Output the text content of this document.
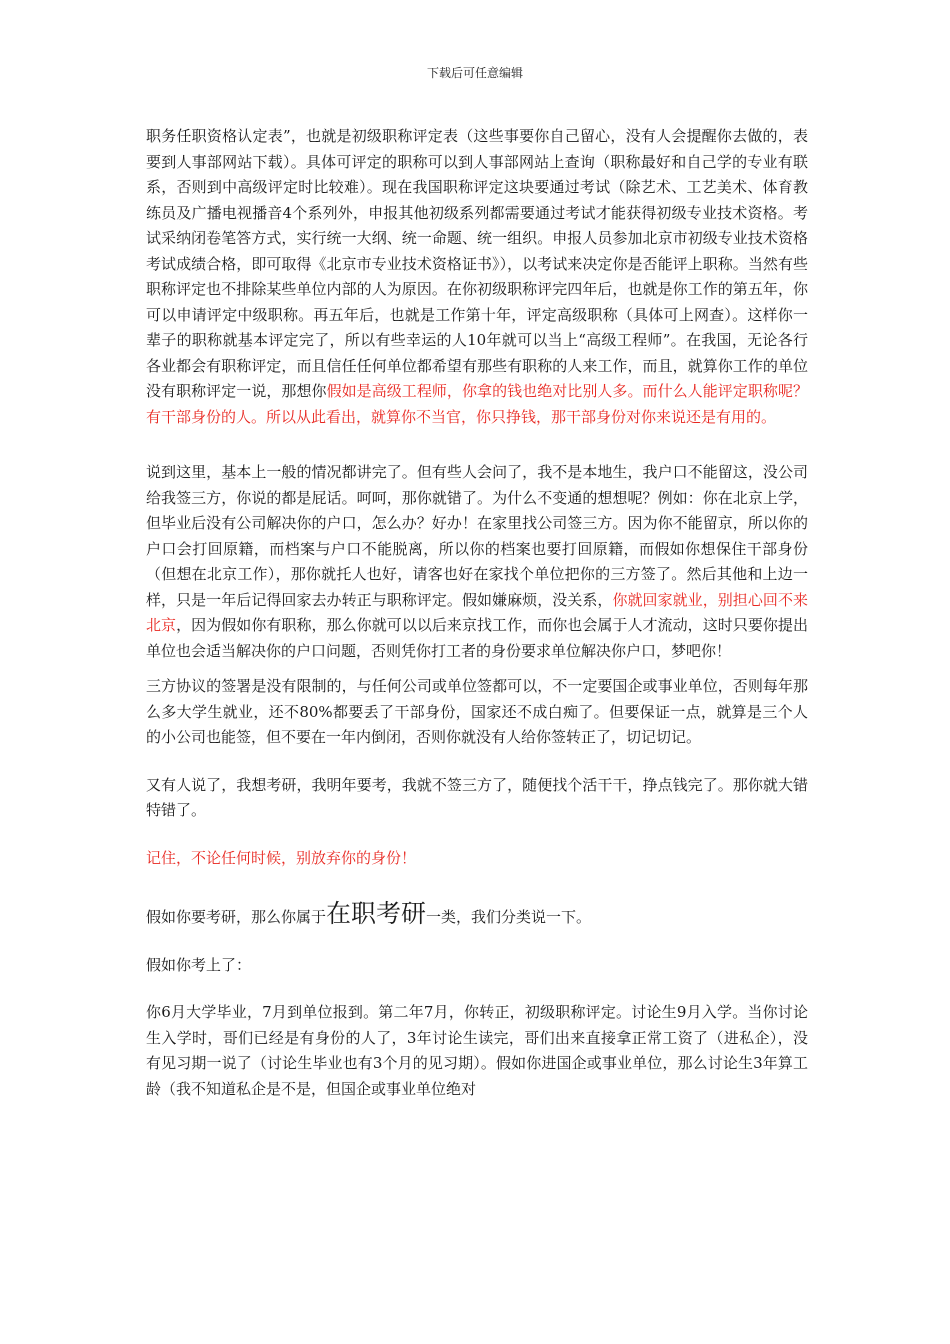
下载后可任意编辑

职务任职资格认定表”，也就是初级职称评定表（这些事要你自己留心，没有人会提醒你去做的，表要到人事部网站下载）。具体可评定的职称可以到人事部网站上查询（职称最好和自己学的专业有联系，否则到中高级评定时比较难）。现在我国职称评定这块要通过考试（除艺术、工艺美术、体育教练员及广播电视播音4个系列外，申报其他初级系列都需要通过考试才能获得初级专业技术资格。考试采纳闭卷笔答方式，实行统一大纲、统一命题、统一组织。申报人员参加北京市初级专业技术资格考试成绩合格，即可取得《北京市专业技术资格证书》），以考试来决定你是否能评上职称。当然有些职称评定也不排除某些单位内部的人为原因。在你初级职称评完四年后，也就是你工作的第五年，你可以申请评定中级职称。再五年后，也就是工作第十年，评定高级职称（具体可上网查）。这样你一辈子的职称就基本评定完了，所以有些幸运的人10年就可以当上“高级工程师”。在我国，无论各行各业都会有职称评定，而且信任任何单位都希望有那些有职称的人来工作，而且，就算你工作的单位没有职称评定一说，那想你假如是高级工程师，你拿的钱也绝对比别人多。而什么人能评定职称呢？有干部身份的人。所以从此看出，就算你不当官，你只挣钱，那干部身份对你来说还是有用的。

说到这里，基本上一般的情况都讲完了。但有些人会问了，我不是本地生，我户口不能留这，没公司给我签三方，你说的都是屁话。呵呵，那你就错了。为什么不变通的想想呢？例如：你在北京上学，但毕业后没有公司解决你的户口，怎么办？好办！在家里找公司签三方。因为你不能留京，所以你的户口会打回原籍，而档案与户口不能脱离，所以你的档案也要打回原籍，而假如你想保住干部身份（但想在北京工作），那你就托人也好，请客也好在家找个单位把你的三方签了。然后其他和上边一样，只是一年后记得回家去办转正与职称评定。假如嫌麻烦，没关系，你就回家就业，别担心回不来北京，因为假如你有职称，那么你就可以以后来京找工作，而你也会属于人才流动，这时只要你提出单位也会适当解决你的户口问题，否则凭你打工者的身份要求单位解决你户口，梦吧你！

三方协议的签署是没有限制的，与任何公司或单位签都可以，不一定要国企或事业单位，否则每年那么多大学生就业，还不80%都要丢了干部身份，国家还不成白痴了。但要保证一点，就算是三个人的小公司也能签，但不要在一年内倒闭，否则你就没有人给你签转正了，切记切记。

又有人说了，我想考研，我明年要考，我就不签三方了，随便找个活干干，挣点钱完了。那你就大错特错了。

记住，不论任何时候，别放弃你的身份！

假如你要考研，那么你属于在职考研一类，我们分类说一下。

假如你考上了：

你6月大学毕业，7月到单位报到。第二年7月，你转正，初级职称评定。讨论生9月入学。当你讨论生入学时，哥们已经是有身份的人了，3年讨论生读完，哥们出来直接拿正常工资了（进私企），没有见习期一说了（讨论生毕业也有3个月的见习期）。假如你进国企或事业单位，那么讨论生3年算工龄（我不知道私企是不是，但国企或事业单位绝对
